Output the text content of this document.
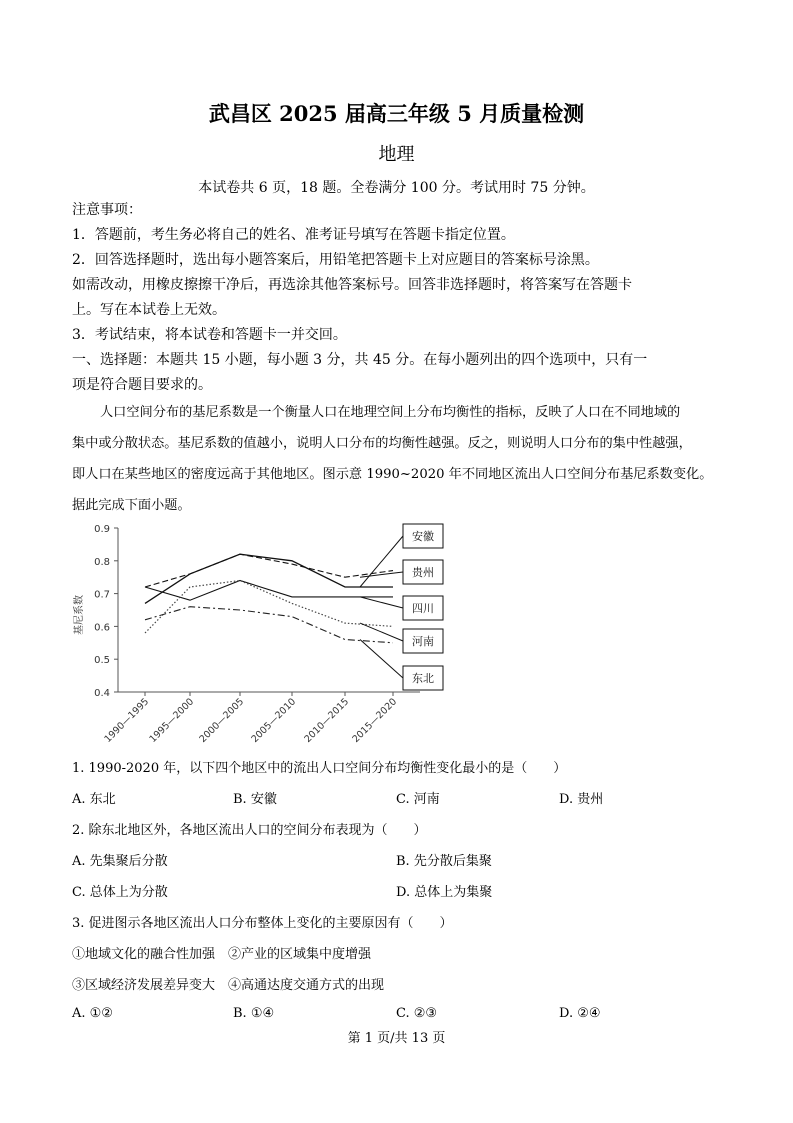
武昌区 2025 届高三年级 5 月质量检测
地理
本试卷共 6 页，18 题。全卷满分 100 分。考试用时 75 分钟。
注意事项：
1．答题前，考生务必将自己的姓名、准考证号填写在答题卡指定位置。
2．回答选择题时，选出每小题答案后，用铅笔把答题卡上对应题目的答案标号涂黑。
如需改动，用橡皮擦擦干净后，再选涂其他答案标号。回答非选择题时，将答案写在答题卡
上。写在本试卷上无效。
3．考试结束，将本试卷和答题卡一并交回。
一、选择题：本题共 15 小题，每小题 3 分，共 45 分。在每小题列出的四个选项中，只有一
项是符合题目要求的。
人口空间分布的基尼系数是一个衡量人口在地理空间上分布均衡性的指标，反映了人口在不同地域的
集中或分散状态。基尼系数的值越小，说明人口分布的均衡性越强。反之，则说明人口分布的集中性越强，
即人口在某些地区的密度远高于其他地区。图示意 1990~2020 年不同地区流出人口空间分布基尼系数变化。
据此完成下面小题。
基尼系数
0.9
0.8
0.7
0.6
0.5
0.4
1990—1995
1995—2000 2000—2005 2005—2010 2010—2015 2015—2020
安徽
贵州
四川
河南
东北
1. 1990-2020 年，以下四个地区中的流出人口空间分布均衡性变化最小的是（　　）
A. 东北	B. 安徽	C. 河南	D. 贵州
2. 除东北地区外，各地区流出人口的空间分布表现为（　　）
A. 先集聚后分散	B. 先分散后集聚
C. 总体上为分散	D. 总体上为集聚
3. 促进图示各地区流出人口分布整体上变化的主要原因有（　　）
①地域文化的融合性加强　②产业的区域集中度增强
③区域经济发展差异变大　④高通达度交通方式的出现
A. ①②	B. ①④	C. ②③	D. ②④
第 1 页/共 13 页
